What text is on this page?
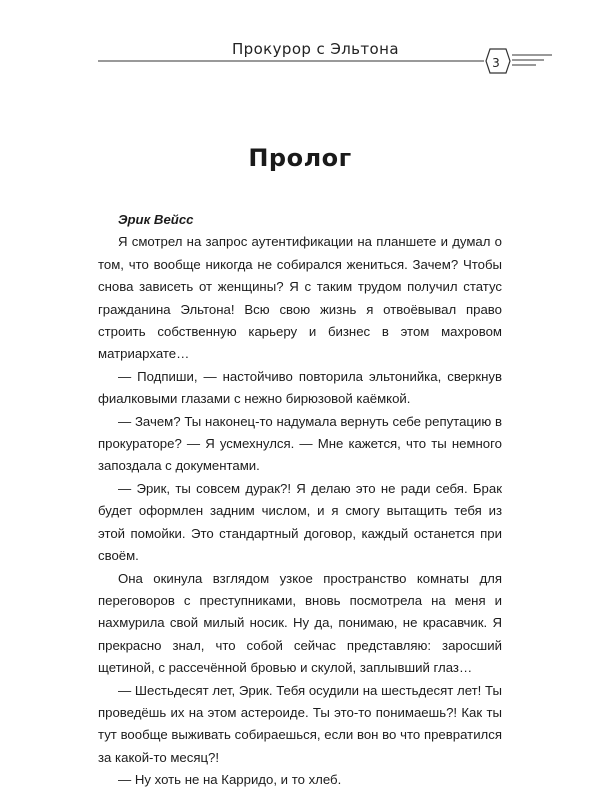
Прокурор с Эльтона
3
Пролог

Эрик Вейсс

Я смотрел на запрос аутентификации на планшете и думал о том, что вообще никогда не собирался жениться. Зачем? Чтобы снова зависеть от женщины? Я с таким трудом получил статус гражданина Эльтона! Всю свою жизнь я отвоёвывал право строить собственную карьеру и бизнес в этом махровом матриархате…

— Подпиши, — настойчиво повторила эльтонийка, сверкнув фиалковыми глазами с нежно бирюзовой каёмкой.

— Зачем? Ты наконец-то надумала вернуть себе репутацию в прокураторе? — Я усмехнулся. — Мне кажется, что ты немного запоздала с документами.

— Эрик, ты совсем дурак?! Я делаю это не ради себя. Брак будет оформлен задним числом, и я смогу вытащить тебя из этой помойки. Это стандартный договор, каждый останется при своём.

Она окинула взглядом узкое пространство комнаты для переговоров с преступниками, вновь посмотрела на меня и нахмурила свой милый носик. Ну да, понимаю, не красавчик. Я прекрасно знал, что собой сейчас представляю: заросший щетиной, с рассечённой бровью и скулой, заплывший глаз…

— Шестьдесят лет, Эрик. Тебя осудили на шестьдесят лет! Ты проведёшь их на этом астероиде. Ты это-то понимаешь?! Как ты тут вообще выживать собираешься, если вон во что превратился за какой-то месяц?!

— Ну хоть не на Карридо, и то хлеб.
